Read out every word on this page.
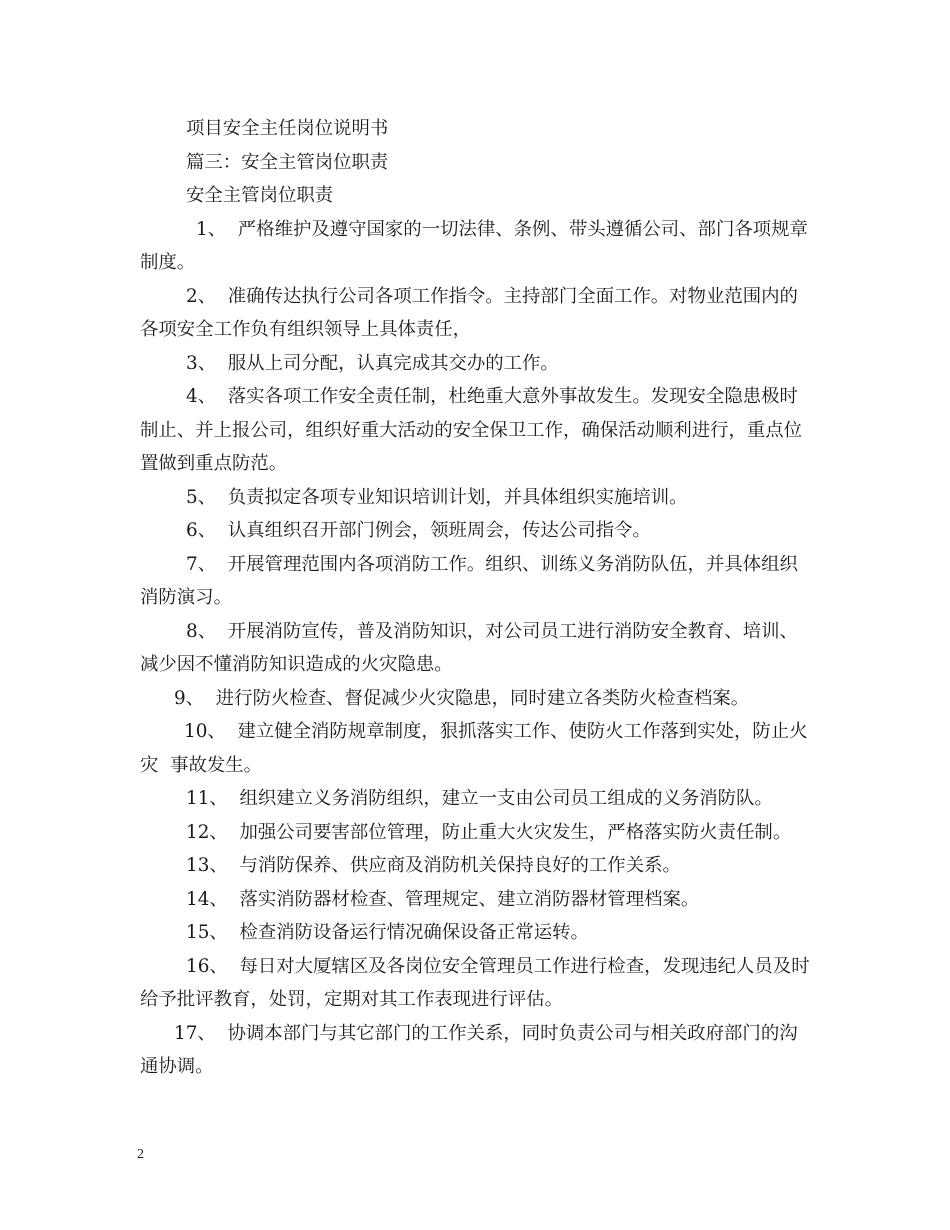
项目安全主任岗位说明书
篇三：安全主管岗位职责
安全主管岗位职责
1、  严格维护及遵守国家的一切法律、条例、带头遵循公司、部门各项规章
制度。
2、  准确传达执行公司各项工作指令。主持部门全面工作。对物业范围内的
各项安全工作负有组织领导上具体责任，
3、  服从上司分配，认真完成其交办的工作。
4、  落实各项工作安全责任制，杜绝重大意外事故发生。发现安全隐患极时
制止、并上报公司，组织好重大活动的安全保卫工作，确保活动顺利进行，重点位
置做到重点防范。
5、  负责拟定各项专业知识培训计划，并具体组织实施培训。
6、  认真组织召开部门例会，领班周会，传达公司指令。
7、  开展管理范围内各项消防工作。组织、训练义务消防队伍，并具体组织
消防演习。
8、  开展消防宣传，普及消防知识，对公司员工进行消防安全教育、培训、
减少因不懂消防知识造成的火灾隐患。
9、  进行防火检查、督促减少火灾隐患，同时建立各类防火检查档案。
10、  建立健全消防规章制度，狠抓落实工作、使防火工作落到实处，防止火
灾  事故发生。
11、  组织建立义务消防组织，建立一支由公司员工组成的义务消防队。
12、  加强公司要害部位管理，防止重大火灾发生，严格落实防火责任制。
13、  与消防保养、供应商及消防机关保持良好的工作关系。
14、  落实消防器材检查、管理规定、建立消防器材管理档案。
15、  检查消防设备运行情况确保设备正常运转。
16、  每日对大厦辖区及各岗位安全管理员工作进行检查，发现违纪人员及时
给予批评教育，处罚，定期对其工作表现进行评估。
17、  协调本部门与其它部门的工作关系，同时负责公司与相关政府部门的沟
通协调。
2
